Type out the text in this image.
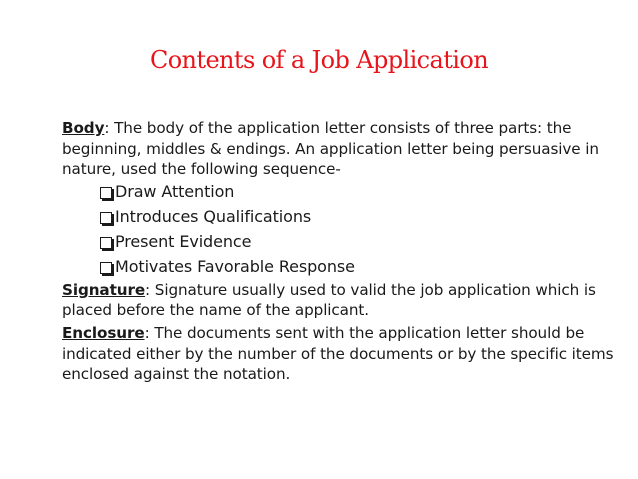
Contents of a Job Application

Body: The body of the application letter consists of three parts: the beginning, middles & endings. An application letter being persuasive in nature, used the following sequence-

Draw Attention
Introduces Qualifications
Present Evidence
Motivates Favorable Response

Signature: Signature usually used to valid the job application which is placed before the name of the applicant.

Enclosure: The documents sent with the application letter should be indicated either by the number of the documents or by the specific items enclosed against the notation.
